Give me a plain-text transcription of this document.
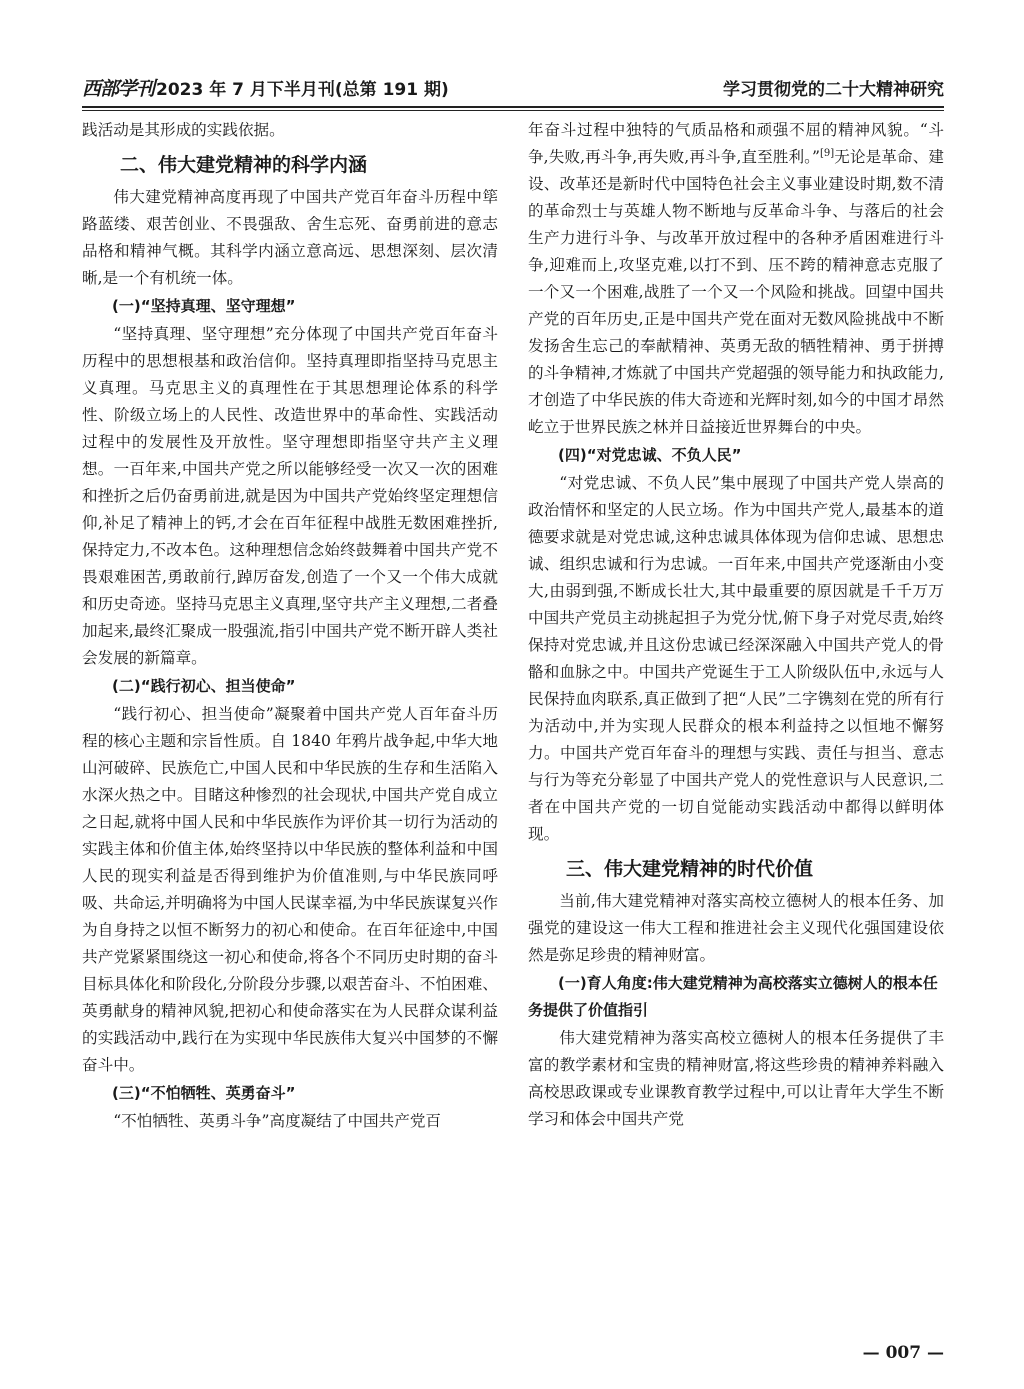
西部学刊 2023 年 7 月下半月刊(总第 191 期)	学习贯彻党的二十大精神研究

践活动是其形成的实践依据。

二、伟大建党精神的科学内涵

伟大建党精神高度再现了中国共产党百年奋斗历程中筚路蓝缕、艰苦创业、不畏强敌、舍生忘死、奋勇前进的意志品格和精神气概。其科学内涵立意高远、思想深刻、层次清晰,是一个有机统一体。

(一)“坚持真理、坚守理想”

“坚持真理、坚守理想”充分体现了中国共产党百年奋斗历程中的思想根基和政治信仰。坚持真理即指坚持马克思主义真理。马克思主义的真理性在于其思想理论体系的科学性、阶级立场上的人民性、改造世界中的革命性、实践活动过程中的发展性及开放性。坚守理想即指坚守共产主义理想。一百年来,中国共产党之所以能够经受一次又一次的困难和挫折之后仍奋勇前进,就是因为中国共产党始终坚定理想信仰,补足了精神上的钙,才会在百年征程中战胜无数困难挫折,保持定力,不改本色。这种理想信念始终鼓舞着中国共产党不畏艰难困苦,勇敢前行,踔厉奋发,创造了一个又一个伟大成就和历史奇迹。坚持马克思主义真理,坚守共产主义理想,二者叠加起来,最终汇聚成一股强流,指引中国共产党不断开辟人类社会发展的新篇章。

(二)“践行初心、担当使命”

“践行初心、担当使命”凝聚着中国共产党人百年奋斗历程的核心主题和宗旨性质。自 1840 年鸦片战争起,中华大地山河破碎、民族危亡,中国人民和中华民族的生存和生活陷入水深火热之中。目睹这种惨烈的社会现状,中国共产党自成立之日起,就将中国人民和中华民族作为评价其一切行为活动的实践主体和价值主体,始终坚持以中华民族的整体利益和中国人民的现实利益是否得到维护为价值准则,与中华民族同呼吸、共命运,并明确将为中国人民谋幸福,为中华民族谋复兴作为自身持之以恒不断努力的初心和使命。在百年征途中,中国共产党紧紧围绕这一初心和使命,将各个不同历史时期的奋斗目标具体化和阶段化,分阶段分步骤,以艰苦奋斗、不怕困难、英勇献身的精神风貌,把初心和使命落实在为人民群众谋利益的实践活动中,践行在为实现中华民族伟大复兴中国梦的不懈奋斗中。

(三)“不怕牺牲、英勇奋斗”

“不怕牺牲、英勇斗争”高度凝结了中国共产党百

年奋斗过程中独特的气质品格和顽强不屈的精神风貌。“斗争,失败,再斗争,再失败,再斗争,直至胜利。”[9]无论是革命、建设、改革还是新时代中国特色社会主义事业建设时期,数不清的革命烈士与英雄人物不断地与反革命斗争、与落后的社会生产力进行斗争、与改革开放过程中的各种矛盾困难进行斗争,迎难而上,攻坚克难,以打不到、压不跨的精神意志克服了一个又一个困难,战胜了一个又一个风险和挑战。回望中国共产党的百年历史,正是中国共产党在面对无数风险挑战中不断发扬舍生忘己的奉献精神、英勇无敌的牺牲精神、勇于拼搏的斗争精神,才炼就了中国共产党超强的领导能力和执政能力,才创造了中华民族的伟大奇迹和光辉时刻,如今的中国才昂然屹立于世界民族之林并日益接近世界舞台的中央。

(四)“对党忠诚、不负人民”

“对党忠诚、不负人民”集中展现了中国共产党人崇高的政治情怀和坚定的人民立场。作为中国共产党人,最基本的道德要求就是对党忠诚,这种忠诚具体体现为信仰忠诚、思想忠诚、组织忠诚和行为忠诚。一百年来,中国共产党逐渐由小变大,由弱到强,不断成长壮大,其中最重要的原因就是千千万万中国共产党员主动挑起担子为党分忧,俯下身子对党尽责,始终保持对党忠诚,并且这份忠诚已经深深融入中国共产党人的骨骼和血脉之中。中国共产党诞生于工人阶级队伍中,永远与人民保持血肉联系,真正做到了把“人民”二字镌刻在党的所有行为活动中,并为实现人民群众的根本利益持之以恒地不懈努力。中国共产党百年奋斗的理想与实践、责任与担当、意志与行为等充分彰显了中国共产党人的党性意识与人民意识,二者在中国共产党的一切自觉能动实践活动中都得以鲜明体现。

三、伟大建党精神的时代价值

当前,伟大建党精神对落实高校立德树人的根本任务、加强党的建设这一伟大工程和推进社会主义现代化强国建设依然是弥足珍贵的精神财富。

(一)育人角度:伟大建党精神为高校落实立德树人的根本任务提供了价值指引

伟大建党精神为落实高校立德树人的根本任务提供了丰富的教学素材和宝贵的精神财富,将这些珍贵的精神养料融入高校思政课或专业课教育教学过程中,可以让青年大学生不断学习和体会中国共产党

— 007 —
